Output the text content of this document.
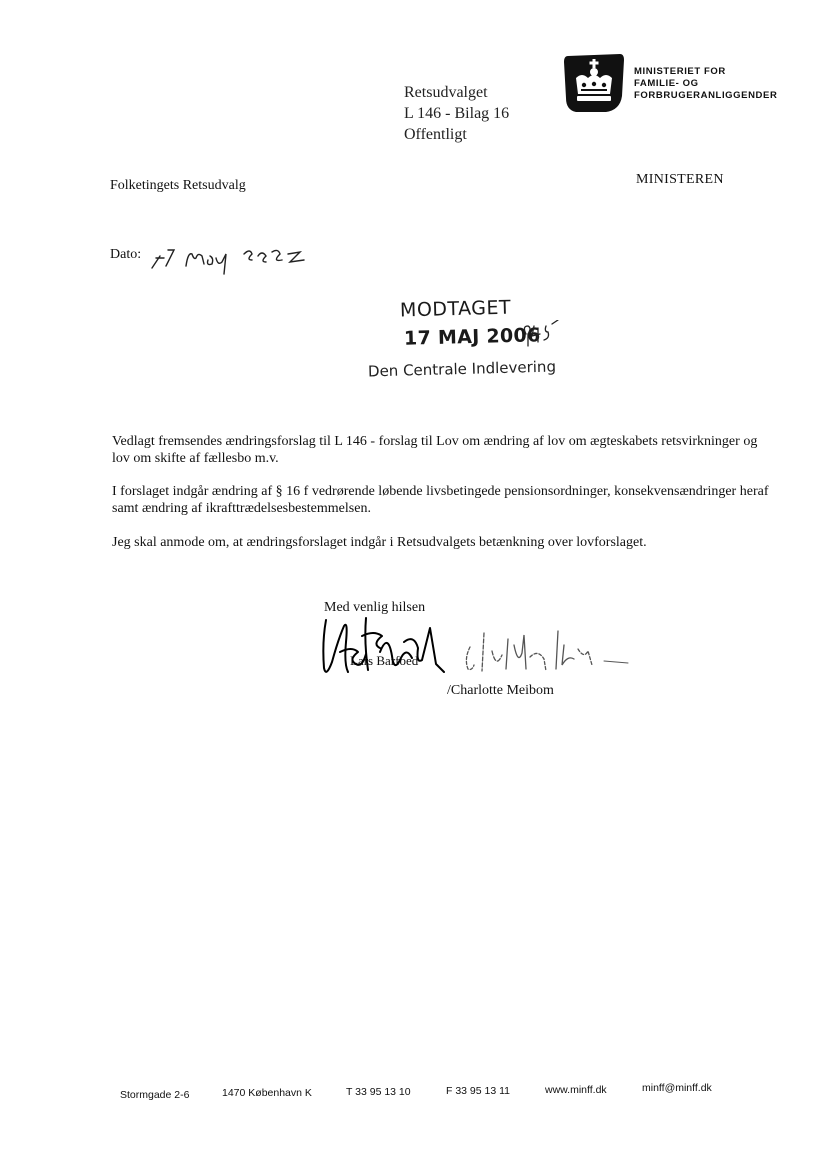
Retsudvalget
L 146 - Bilag 16
Offentligt
MINISTERIET FOR
FAMILIE- OG
FORBRUGERANLIGGENDER
Folketingets Retsudvalg	MINISTEREN
Dato:
MODTAGET
17 MAJ 2006
Den Centrale Indlevering
Vedlagt fremsendes ændringsforslag til L 146 - forslag til Lov om ændring af lov om ægteskabets retsvirkninger og lov om skifte af fællesbo m.v.
I forslaget indgår ændring af § 16 f vedrørende løbende livsbetingede pensionsordninger, konsekvensændringer heraf samt ændring af ikrafttrædelsesbestemmelsen.
Jeg skal anmode om, at ændringsforslaget indgår i Retsudvalgets betænkning over lovforslaget.
Med venlig hilsen
Lars Barfoed
/Charlotte Meibom
Stormgade 2-6	1470 København K	T 33 95 13 10	F 33 95 13 11	www.minff.dk	minff@minff.dk
